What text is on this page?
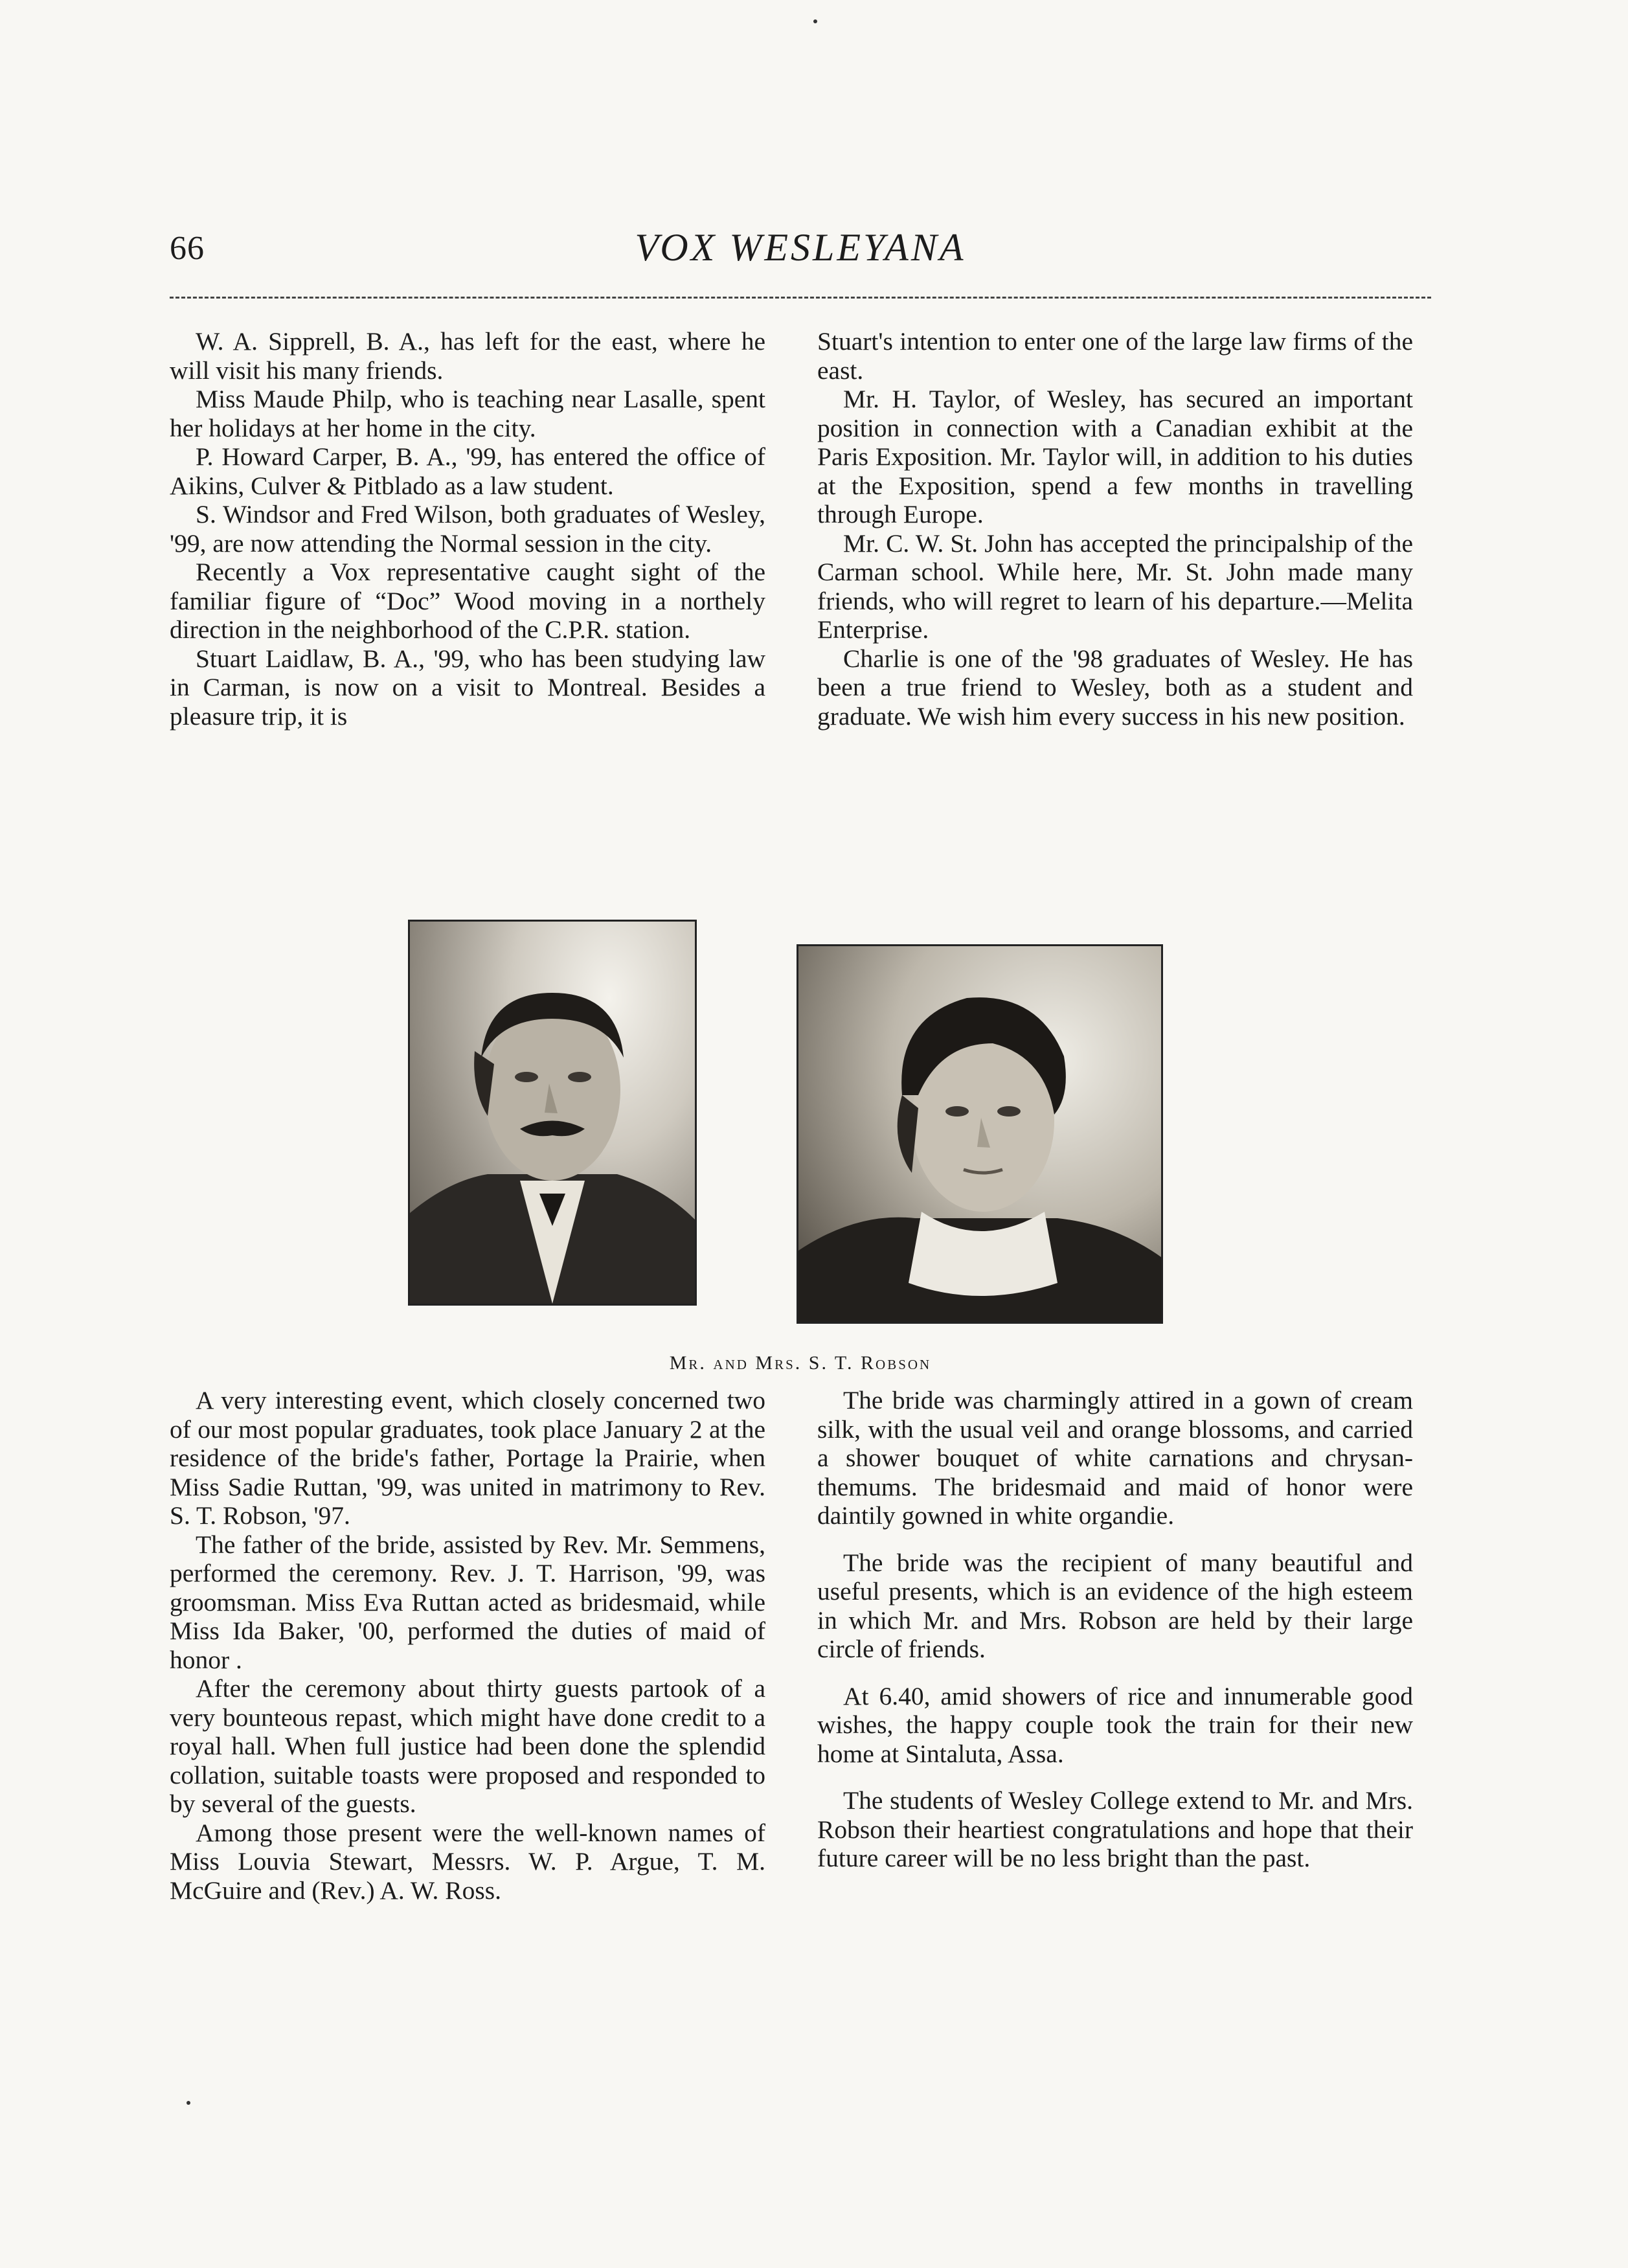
66	VOX WESLEYANA

W. A. Sipprell, B. A., has left for the east, where he will visit his many friends.

Miss Maude Philp, who is teaching near Lasalle, spent her holidays at her home in the city.

P. Howard Carper, B. A., '99, has entered the office of Aikins, Culver & Pitblado as a law student.

S. Windsor and Fred Wilson, both graduates of Wesley, '99, are now attending the Normal session in the city.

Recently a Vox representative caught sight of the familiar figure of “Doc” Wood moving in a northely direction in the neighborhood of the C.P.R. station.

Stuart Laidlaw, B. A., '99, who has been studying law in Carman, is now on a visit to Montreal. Besides a pleasure trip, it is

Stuart's intention to enter one of the large law firms of the east.

Mr. H. Taylor, of Wesley, has secured an important position in connection with a Canadian exhibit at the Paris Exposition. Mr. Taylor will, in addition to his duties at the Exposition, spend a few months in travelling through Europe.

Mr. C. W. St. John has accepted the principalship of the Carman school. While here, Mr. St. John made many friends, who will regret to learn of his departure.—Melita Enterprise.

Charlie is one of the '98 graduates of Wesley. He has been a true friend to Wesley, both as a student and graduate. We wish him every success in his new position.

Mr. and Mrs. S. T. Robson

A very interesting event, which closely concerned two of our most popular graduates, took place January 2 at the residence of the bride's father, Portage la Prairie, when Miss Sadie Ruttan, '99, was united in matrimony to Rev. S. T. Robson, '97.

The father of the bride, assisted by Rev. Mr. Semmens, performed the ceremony. Rev. J. T. Harrison, '99, was groomsman. Miss Eva Ruttan acted as bridesmaid, while Miss Ida Baker, '00, performed the duties of maid of honor .

After the ceremony about thirty guests partook of a very bounteous repast, which might have done credit to a royal hall. When full justice had been done the splendid collation, suitable toasts were proposed and responded to by several of the guests.

Among those present were the well-known names of Miss Louvia Stewart, Messrs. W. P. Argue, T. M. McGuire and (Rev.) A. W. Ross.

The bride was charmingly attired in a gown of cream silk, with the usual veil and orange blossoms, and carried a shower bouquet of white carnations and chrysanthemums. The bridesmaid and maid of honor were daintily gowned in white organdie.

The bride was the recipient of many beautiful and useful presents, which is an evidence of the high esteem in which Mr. and Mrs. Robson are held by their large circle of friends.

At 6.40, amid showers of rice and innumerable good wishes, the happy couple took the train for their new home at Sintaluta, Assa.

The students of Wesley College extend to Mr. and Mrs. Robson their heartiest congratulations and hope that their future career will be no less bright than the past.
